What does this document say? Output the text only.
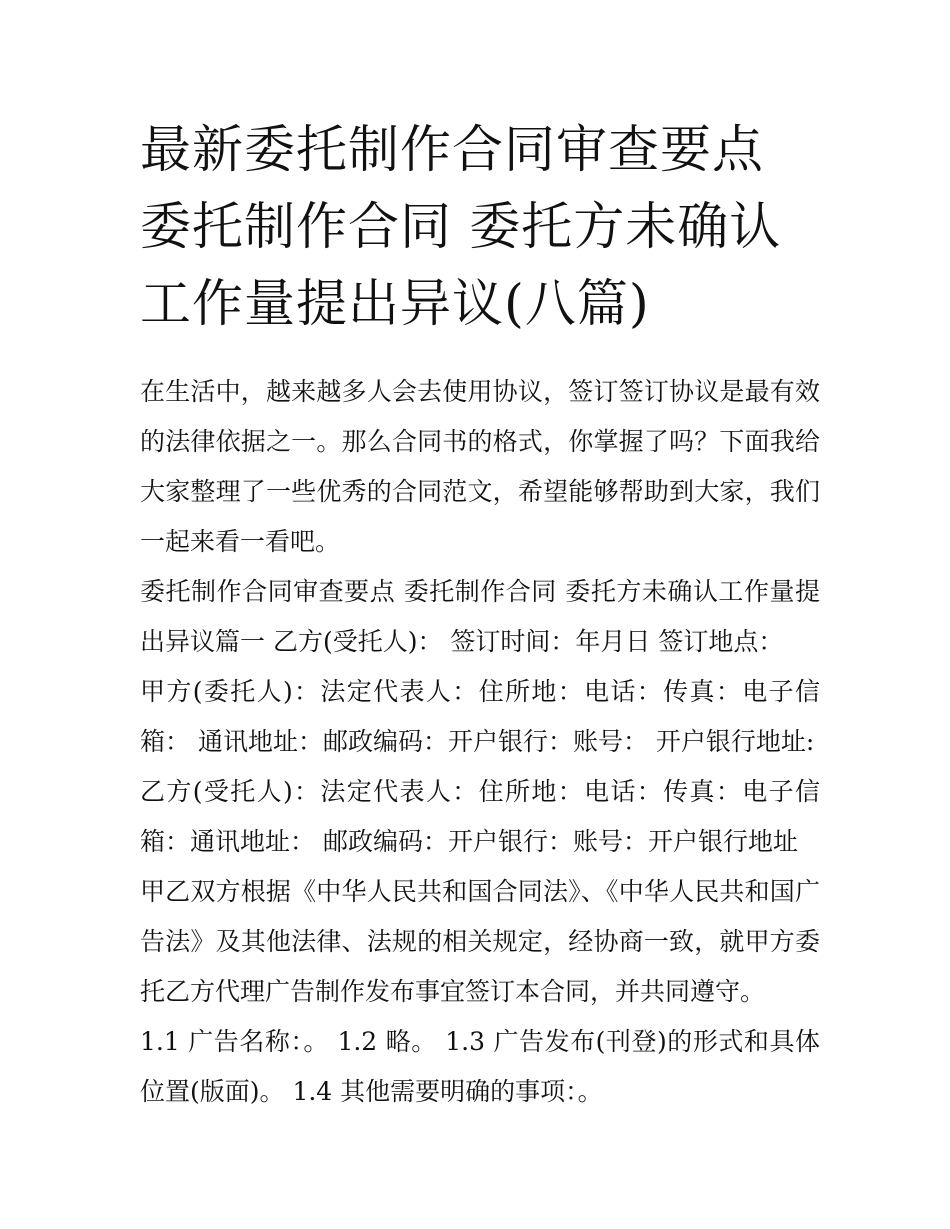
最新委托制作合同审查要点 委托制作合同 委托方未确认工作量提出异议(八篇)

在生活中，越来越多人会去使用协议，签订签订协议是最有效的法律依据之一。那么合同书的格式，你掌握了吗？下面我给大家整理了一些优秀的合同范文，希望能够帮助到大家，我们一起来看一看吧。

委托制作合同审查要点 委托制作合同 委托方未确认工作量提出异议篇一 乙方(受托人)： 签订时间：年月日 签订地点：

甲方(委托人)：法定代表人：住所地：电话：传真：电子信箱： 通讯地址：邮政编码：开户银行：账号： 开户银行地址:

乙方(受托人)：法定代表人：住所地：电话：传真：电子信箱：通讯地址： 邮政编码：开户银行：账号：开户银行地址

甲乙双方根据《中华人民共和国合同法》、《中华人民共和国广告法》及其他法律、法规的相关规定，经协商一致，就甲方委托乙方代理广告制作发布事宜签订本合同，并共同遵守。

1.1 广告名称：。 1.2 略。 1.3 广告发布(刊登)的形式和具体位置(版面)。 1.4 其他需要明确的事项：。
